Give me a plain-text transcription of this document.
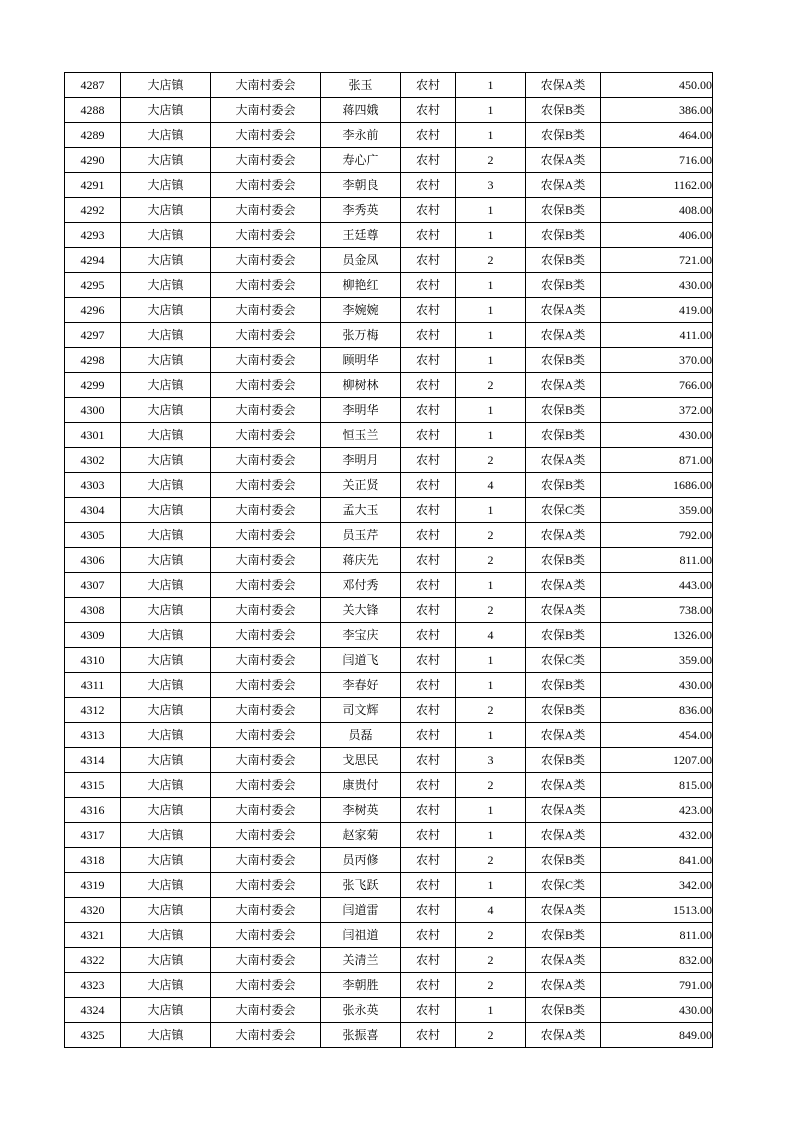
4287	大店镇	大南村委会	张玉	农村	1	农保A类	450.00
4288	大店镇	大南村委会	蒋四娥	农村	1	农保B类	386.00
4289	大店镇	大南村委会	李永前	农村	1	农保B类	464.00
4290	大店镇	大南村委会	寿心广	农村	2	农保A类	716.00
4291	大店镇	大南村委会	李朝良	农村	3	农保A类	1162.00
4292	大店镇	大南村委会	李秀英	农村	1	农保B类	408.00
4293	大店镇	大南村委会	王廷尊	农村	1	农保B类	406.00
4294	大店镇	大南村委会	员金凤	农村	2	农保B类	721.00
4295	大店镇	大南村委会	柳艳红	农村	1	农保B类	430.00
4296	大店镇	大南村委会	李婉婉	农村	1	农保A类	419.00
4297	大店镇	大南村委会	张万梅	农村	1	农保A类	411.00
4298	大店镇	大南村委会	顾明华	农村	1	农保B类	370.00
4299	大店镇	大南村委会	柳树林	农村	2	农保A类	766.00
4300	大店镇	大南村委会	李明华	农村	1	农保B类	372.00
4301	大店镇	大南村委会	恒玉兰	农村	1	农保B类	430.00
4302	大店镇	大南村委会	李明月	农村	2	农保A类	871.00
4303	大店镇	大南村委会	关正贤	农村	4	农保B类	1686.00
4304	大店镇	大南村委会	孟大玉	农村	1	农保C类	359.00
4305	大店镇	大南村委会	员玉芹	农村	2	农保A类	792.00
4306	大店镇	大南村委会	蒋庆先	农村	2	农保B类	811.00
4307	大店镇	大南村委会	邓付秀	农村	1	农保A类	443.00
4308	大店镇	大南村委会	关大锋	农村	2	农保A类	738.00
4309	大店镇	大南村委会	李宝庆	农村	4	农保B类	1326.00
4310	大店镇	大南村委会	闫道飞	农村	1	农保C类	359.00
4311	大店镇	大南村委会	李春好	农村	1	农保B类	430.00
4312	大店镇	大南村委会	司文辉	农村	2	农保B类	836.00
4313	大店镇	大南村委会	员磊	农村	1	农保A类	454.00
4314	大店镇	大南村委会	戈思民	农村	3	农保B类	1207.00
4315	大店镇	大南村委会	康贵付	农村	2	农保A类	815.00
4316	大店镇	大南村委会	李树英	农村	1	农保A类	423.00
4317	大店镇	大南村委会	赵家菊	农村	1	农保A类	432.00
4318	大店镇	大南村委会	员丙修	农村	2	农保B类	841.00
4319	大店镇	大南村委会	张飞跃	农村	1	农保C类	342.00
4320	大店镇	大南村委会	闫道雷	农村	4	农保A类	1513.00
4321	大店镇	大南村委会	闫祖道	农村	2	农保B类	811.00
4322	大店镇	大南村委会	关清兰	农村	2	农保A类	832.00
4323	大店镇	大南村委会	李朝胜	农村	2	农保A类	791.00
4324	大店镇	大南村委会	张永英	农村	1	农保B类	430.00
4325	大店镇	大南村委会	张振喜	农村	2	农保A类	849.00
